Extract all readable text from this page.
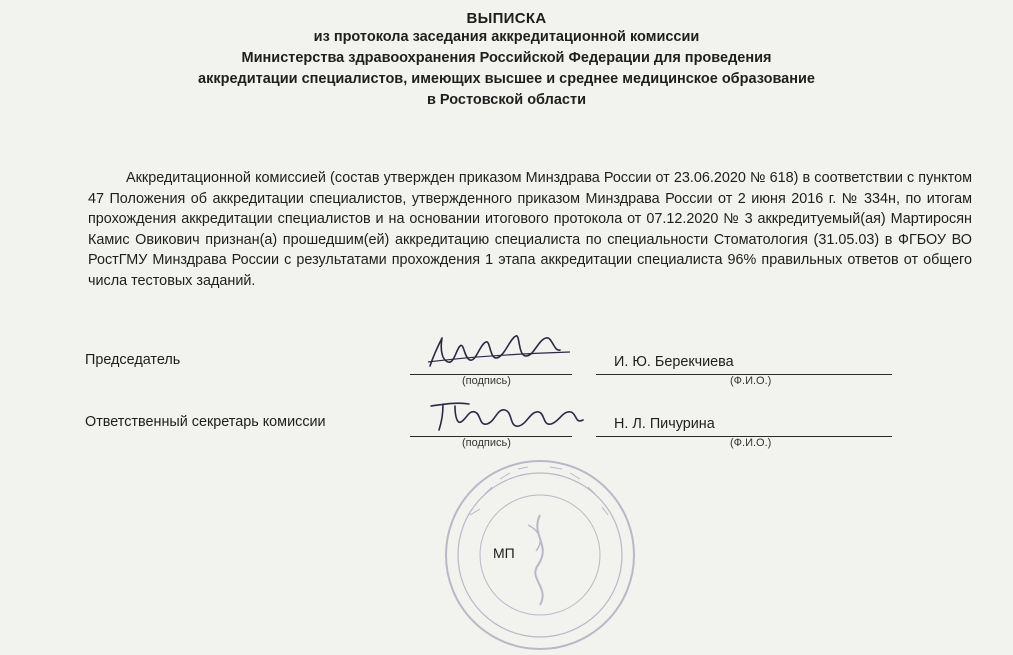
ВЫПИСКА
из протокола заседания аккредитационной комиссии
Министерства здравоохранения Российской Федерации для проведения
аккредитации специалистов, имеющих высшее и среднее медицинское образование
в Ростовской области
Аккредитационной комиссией (состав утвержден приказом Минздрава России от 23.06.2020 № 618) в соответствии с пунктом 47 Положения об аккредитации специалистов, утвержденного приказом Минздрава России от 2 июня 2016 г. № 334н, по итогам прохождения аккредитации специалистов и на основании итогового протокола от 07.12.2020 № 3 аккредитуемый(ая) Мартиросян Камис Овикович признан(а) прошедшим(ей) аккредитацию специалиста по специальности Стоматология (31.05.03) в ФГБОУ ВО РостГМУ Минздрава России с результатами прохождения 1 этапа аккредитации специалиста 96% правильных ответов от общего числа тестовых заданий.
Председатель
(подпись)
И. Ю. Берекчиева
(Ф.И.О.)
Ответственный секретарь комиссии
(подпись)
Н. Л. Пичурина
(Ф.И.О.)
МП
